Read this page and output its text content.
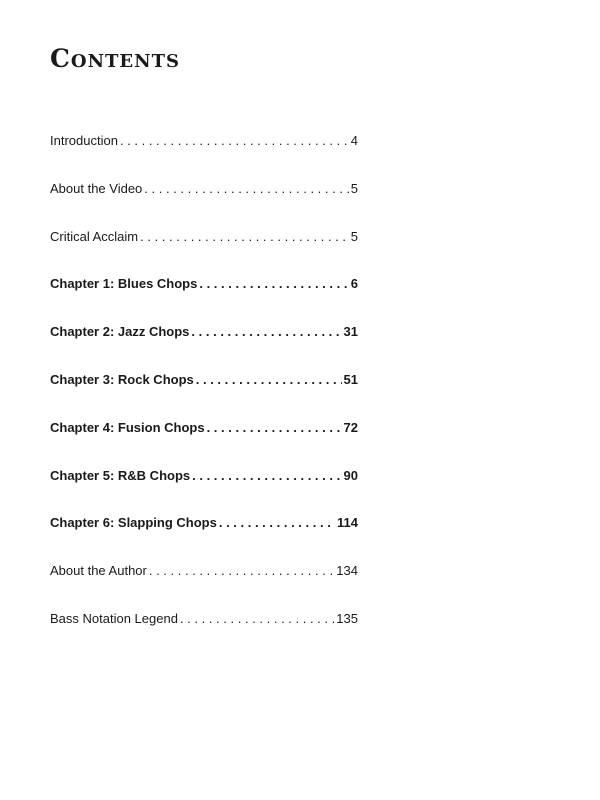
Contents
Introduction . . .	4
About the Video . . .	5
Critical Acclaim . . .	5
Chapter 1: Blues Chops . . .	6
Chapter 2: Jazz Chops . . .	31
Chapter 3: Rock Chops . . .	51
Chapter 4: Fusion Chops . . .	72
Chapter 5: R&B Chops . . .	90
Chapter 6: Slapping Chops . . .	114
About the Author . . .	134
Bass Notation Legend . . .	135
